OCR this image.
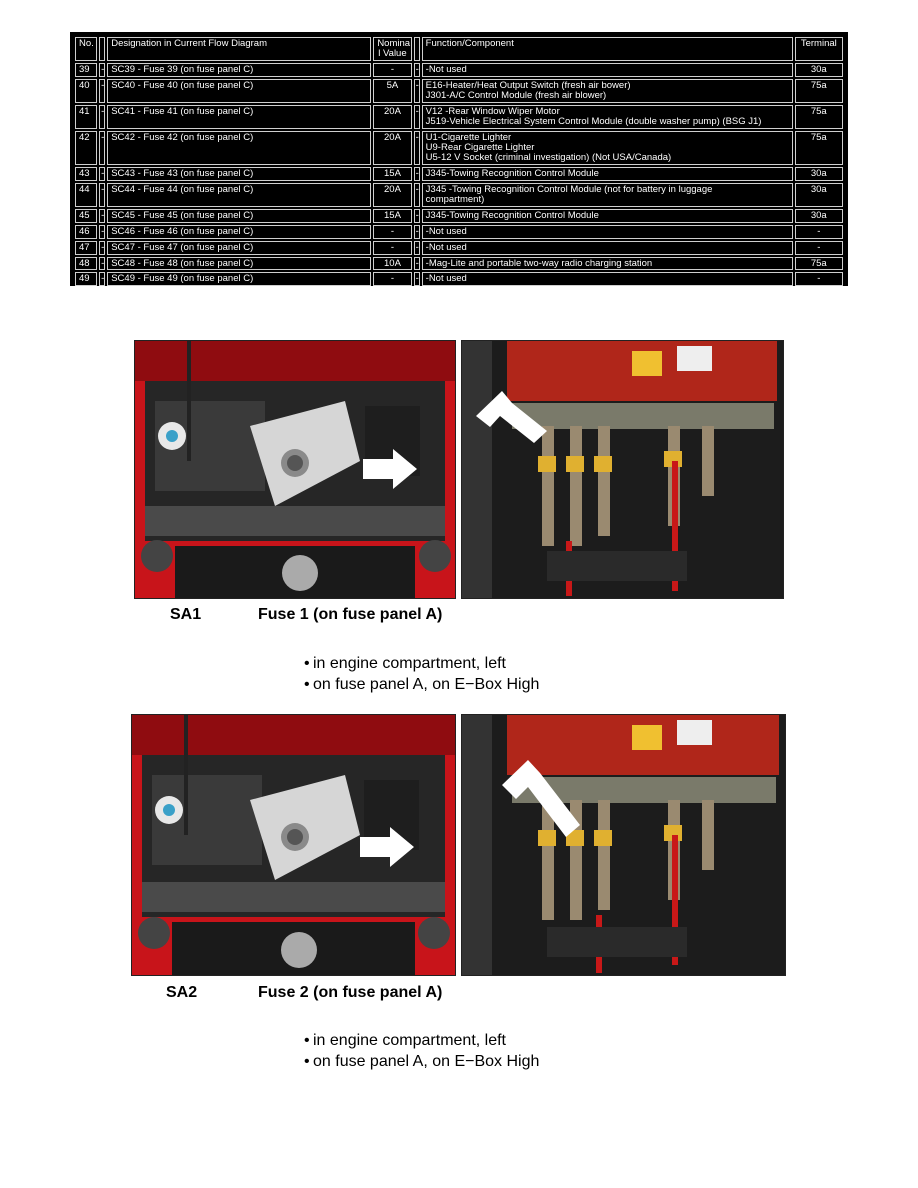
No.		Designation in Current Flow Diagram	Nomina
l Value		Function/Component	Terminal
39	-	SC39 - Fuse 39 (on fuse panel C)	-	-	-Not used	30a
40	-	SC40 - Fuse 40 (on fuse panel C)	5A	-	E16-Heater/Heat Output Switch (fresh air bower)
J301-A/C Control Module (fresh air blower)	75a
41	-	SC41 - Fuse 41 (on fuse panel C)	20A	-	V12 -Rear Window Wiper Motor
J519-Vehicle Electrical System Control Module (double washer pump) (BSG J1)	75a
42	-	SC42 - Fuse 42 (on fuse panel C)	20A	-	U1-Cigarette Lighter
U9-Rear Cigarette Lighter
U5-12 V Socket (criminal investigation) (Not USA/Canada)	75a
43	-	SC43 - Fuse 43 (on fuse panel C)	15A	-	J345-Towing Recognition Control Module	30a
44	-	SC44 - Fuse 44 (on fuse panel C)	20A	-	J345 -Towing Recognition Control Module (not for battery in luggage
compartment)	30a
45	-	SC45 - Fuse 45 (on fuse panel C)	15A	-	J345-Towing Recognition Control Module	30a
46	-	SC46 - Fuse 46 (on fuse panel C)	-	-	-Not used	-
47	-	SC47 - Fuse 47 (on fuse panel C)	-	-	-Not used	-
48	-	SC48 - Fuse 48 (on fuse panel C)	10A	-	-Mag-Lite and portable two-way radio charging station	75a
49	-	SC49 - Fuse 49 (on fuse panel C)	-	-	-Not used	-
SA1	Fuse 1 (on fuse panel A)
• in engine compartment, left
• on fuse panel A, on E−Box High
SA2	Fuse 2 (on fuse panel A)
• in engine compartment, left
• on fuse panel A, on E−Box High
